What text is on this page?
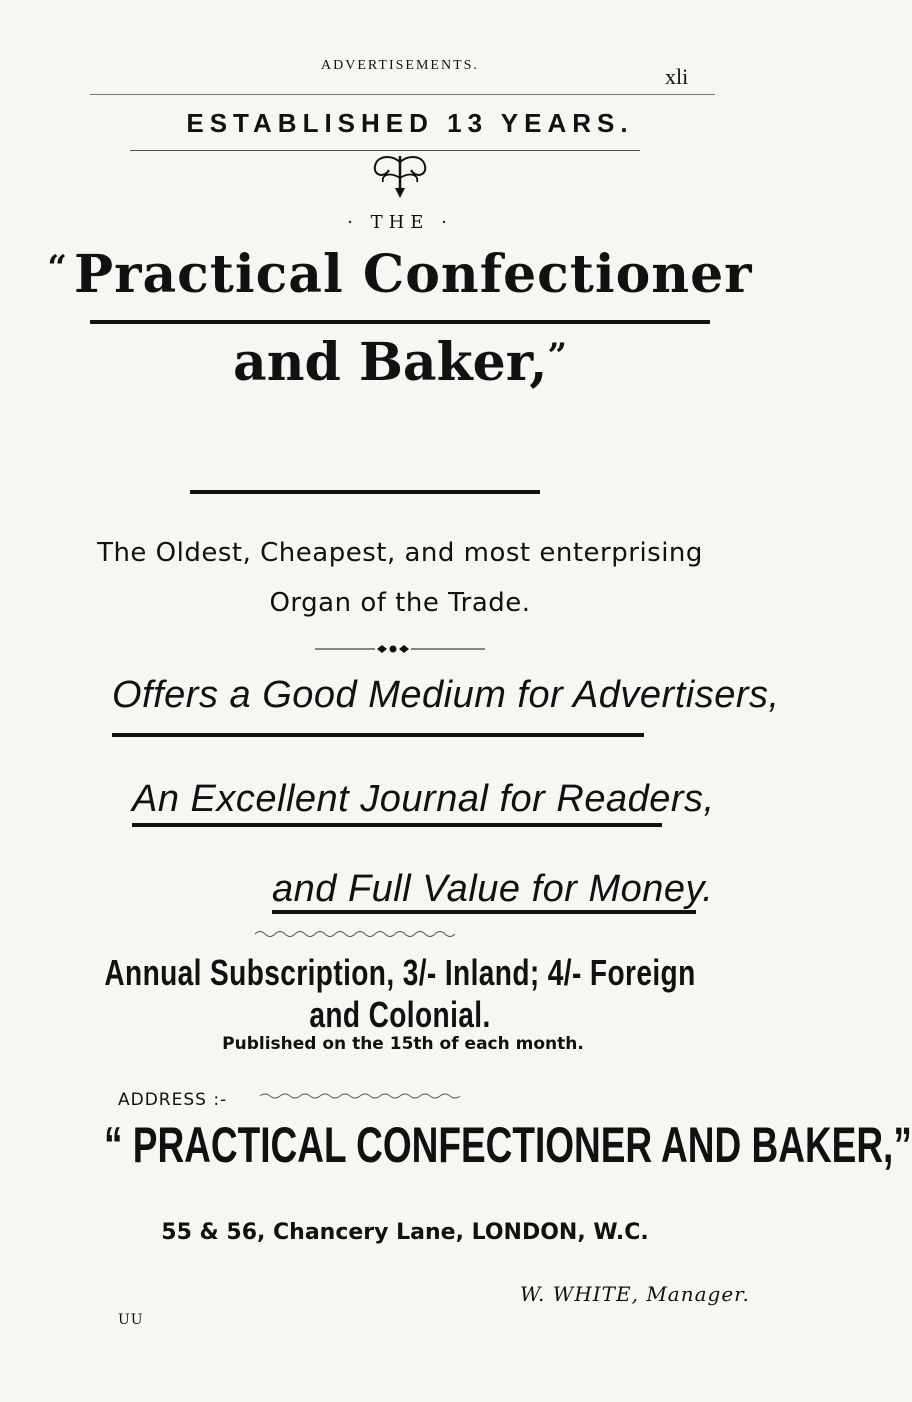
ADVERTISEMENTS.	xli
ESTABLISHED 13 YEARS.
· THE ·
“ Practical Confectioner
and Baker,”
The Oldest, Cheapest, and most enterprising
Organ of the Trade.
Offers a Good Medium for Advertisers,
An Excellent Journal for Readers,
and Full Value for Money.
Annual Subscription, 3/- Inland; 4/- Foreign and Colonial.
Published on the 15th of each month.
ADDRESS :-
“ PRACTICAL CONFECTIONER AND BAKER,”
55 & 56, Chancery Lane, LONDON, W.C.
W. WHITE, Manager.
UU
